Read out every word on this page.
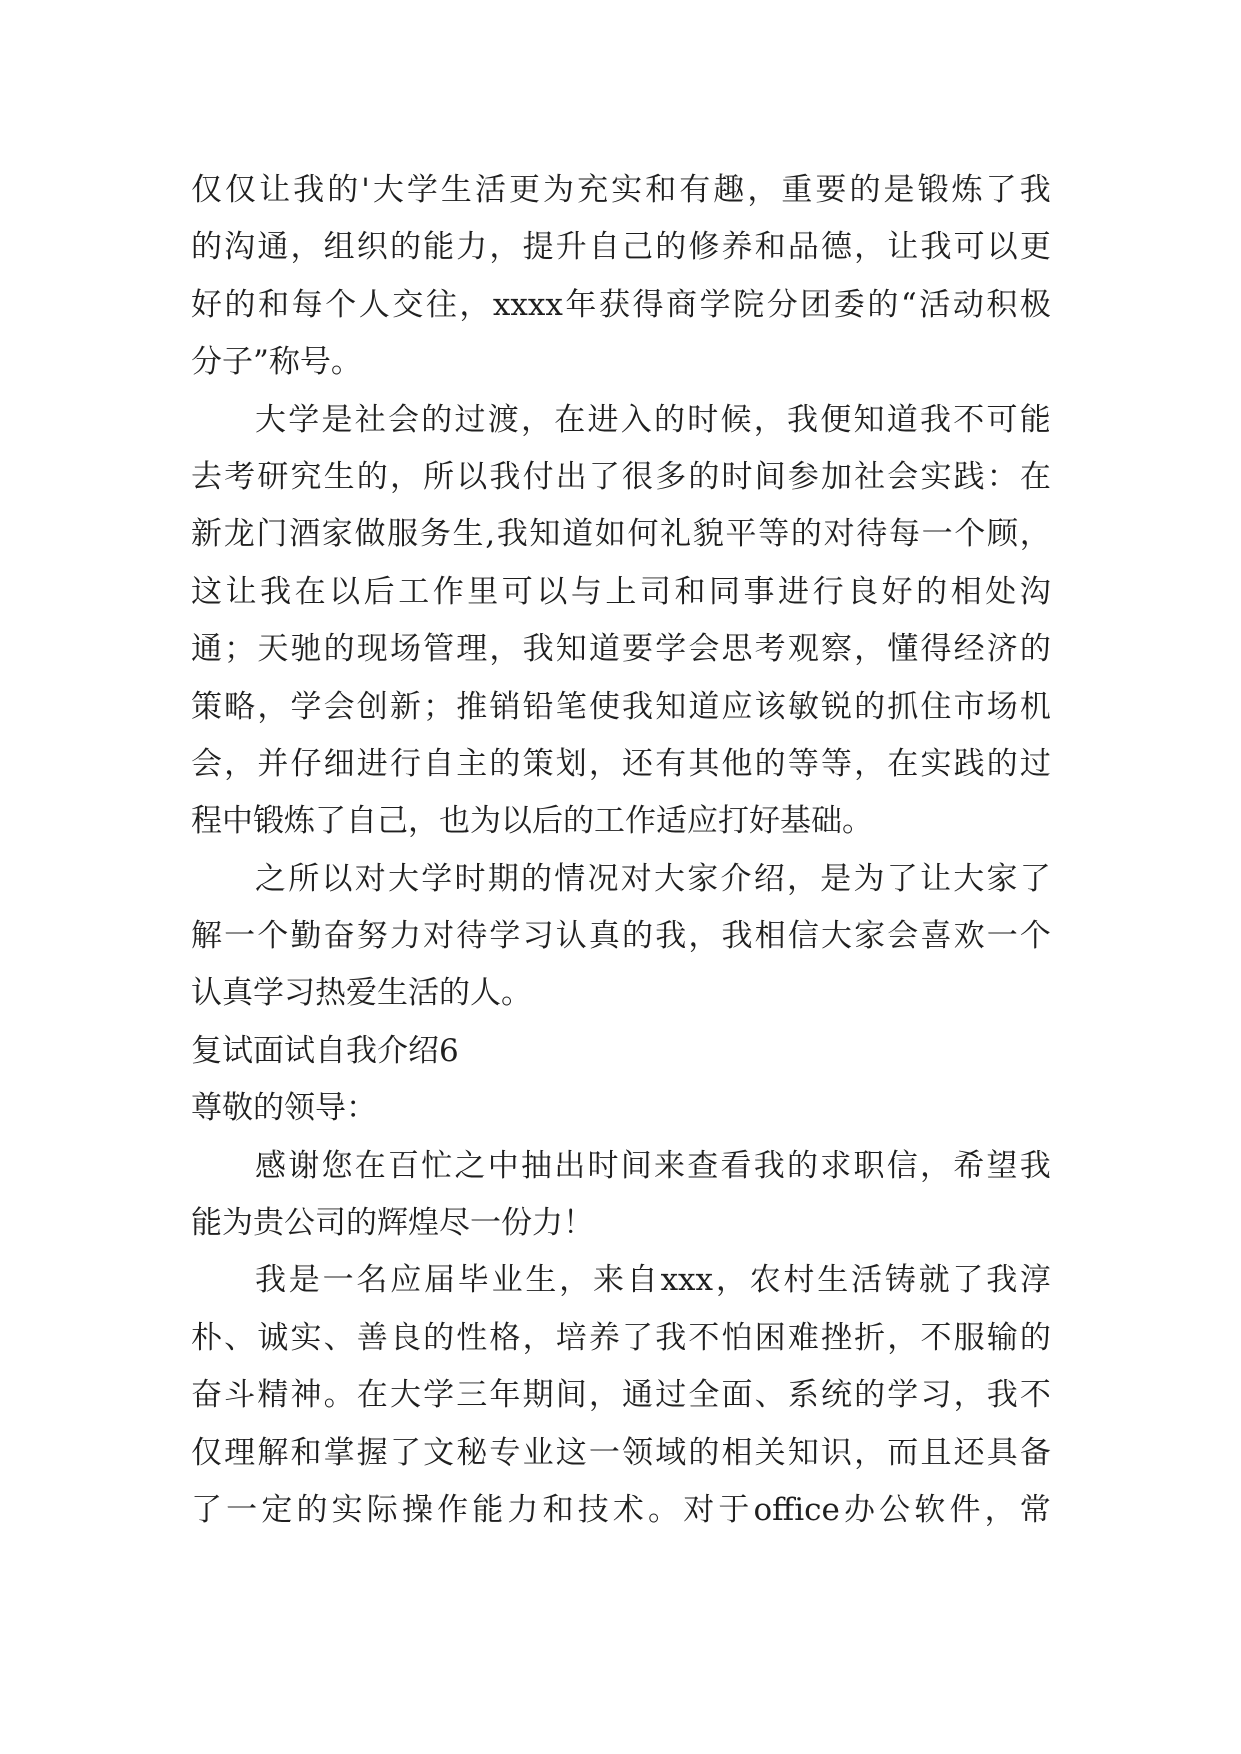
仅 仅 让 我 的 ' 大 学 生 活 更 为 充 实 和 有 趣 ， 重 要 的 是 锻 炼 了 我
的 沟 通 ， 组 织 的 能 力 ， 提 升 自 己 的 修 养 和 品 德 ， 让 我 可 以 更
好 的 和 每 个 人 交 往 ， xxxx 年 获 得 商 学 院 分 团 委 的 “ 活 动 积 极
分子”称号。
大 学 是 社 会 的 过 渡 ， 在 进 入 的 时 候 ， 我 便 知 道 我 不 可 能
去 考 研 究 生 的 ， 所 以 我 付 出 了 很 多 的 时 间 参 加 社 会 实 践 ： 在
新 龙 门 酒 家 做 服 务 生 , 我 知 道 如 何 礼 貌 平 等 的 对 待 每 一 个 顾 ，
这 让 我 在 以 后 工 作 里 可 以 与 上 司 和 同 事 进 行 良 好 的 相 处 沟
通 ； 天 驰 的 现 场 管 理 ， 我 知 道 要 学 会 思 考 观 察 ， 懂 得 经 济 的
策 略 ， 学 会 创 新 ； 推 销 铅 笔 使 我 知 道 应 该 敏 锐 的 抓 住 市 场 机
会 ， 并 仔 细 进 行 自 主 的 策 划 ， 还 有 其 他 的 等 等 ， 在 实 践 的 过
程中锻炼了自己，也为以后的工作适应打好基础。
之 所 以 对 大 学 时 期 的 情 况 对 大 家 介 绍 ， 是 为 了 让 大 家 了
解 一 个 勤 奋 努 力 对 待 学 习 认 真 的 我 ， 我 相 信 大 家 会 喜 欢 一 个
认真学习热爱生活的人。
复试面试自我介绍6
尊敬的领导：
感 谢 您 在 百 忙 之 中 抽 出 时 间 来 查 看 我 的 求 职 信 ， 希 望 我
能为贵公司的辉煌尽一份力！
我 是 一 名 应 届 毕 业 生 ， 来 自 xxx ， 农 村 生 活 铸 就 了 我 淳
朴 、 诚 实 、 善 良 的 性 格 ， 培 养 了 我 不 怕 困 难 挫 折 ， 不 服 输 的
奋 斗 精 神 。 在 大 学 三 年 期 间 ， 通 过 全 面 、 系 统 的 学 习 ， 我 不
仅 理 解 和 掌 握 了 文 秘 专 业 这 一 领 域 的 相 关 知 识 ， 而 且 还 具 备
了 一 定 的 实 际 操 作 能 力 和 技 术 。 对 于 office 办 公 软 件 ， 常
